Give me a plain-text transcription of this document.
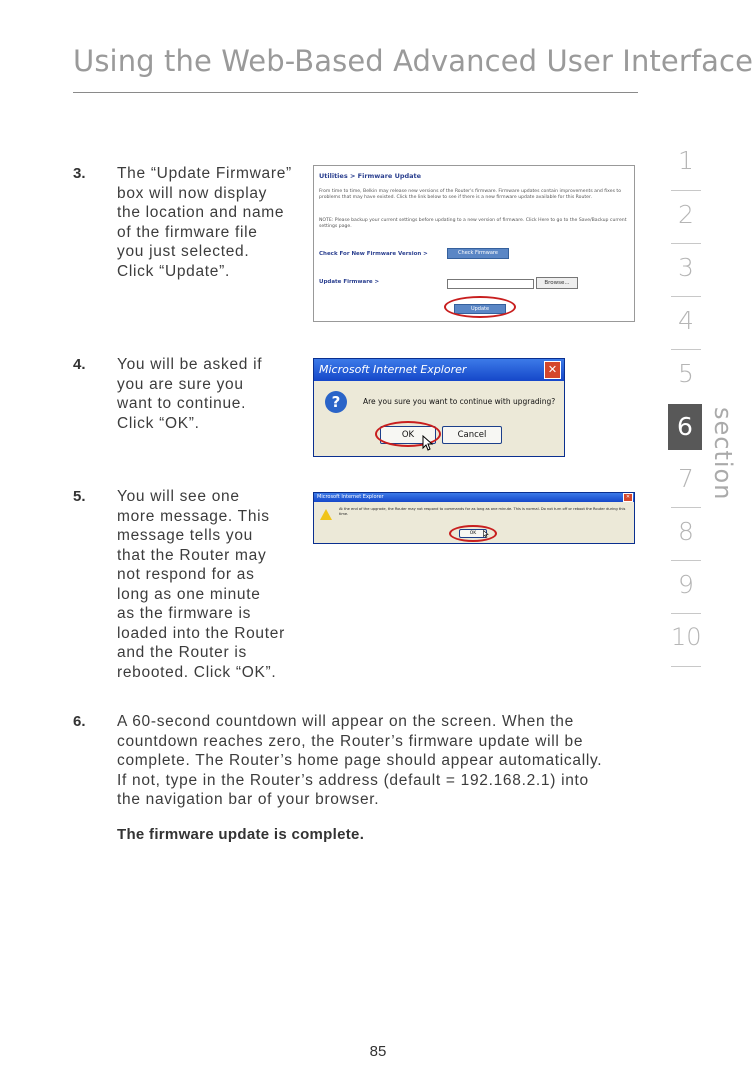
Using the Web-Based Advanced User Interface
3. The “Update Firmware”
box will now display
the location and name
of the firmware file
you just selected.
Click “Update”.
Utilities > Firmware Update
From time to time, Belkin may release new versions of the Router's firmware. Firmware updates contain improvements and fixes to problems that may have existed. Click the link below to see if there is a new firmware update available for this Router.
NOTE: Please backup your current settings before updating to a new version of firmware. Click Here to go to the Save/Backup current settings page.
Check For New Firmware Version >	Check Firmware
Update Firmware >	Browse...
Update
4. You will be asked if
you are sure you
want to continue.
Click “OK”.
Microsoft Internet Explorer	✕
?	Are you sure you want to continue with upgrading?
OK	Cancel
5. You will see one
more message. This
message tells you
that the Router may
not respond for as
long as one minute
as the firmware is
loaded into the Router
and the Router is
rebooted. Click “OK”.
Microsoft Internet Explorer	✕
At the end of the upgrade, the Router may not respond to commands for as long as one minute. This is normal. Do not turn off or reboot the Router during this time.
OK
6. A 60-second countdown will appear on the screen. When the
countdown reaches zero, the Router’s firmware update will be
complete. The Router’s home page should appear automatically.
If not, type in the Router’s address (default = 192.168.2.1) into
the navigation bar of your browser.
The firmware update is complete.
1
2
3
4
5
6
7
8
9
10
section
85
